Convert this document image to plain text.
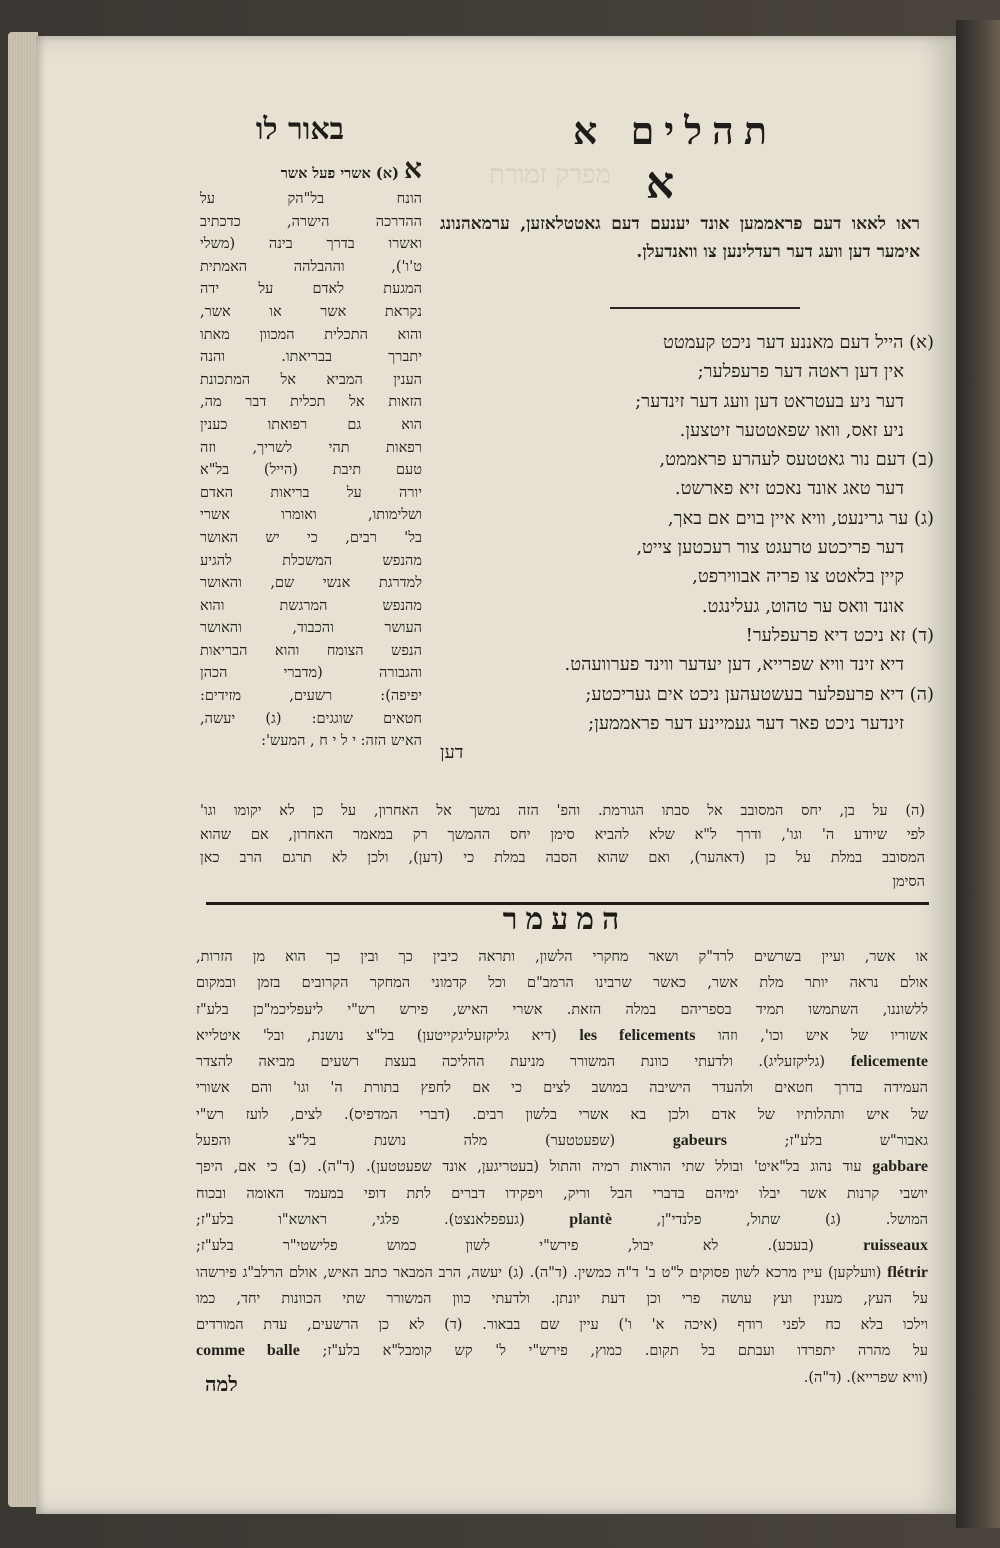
באור לו	תהלים א
מפרק זמורת א
ראו לאאו דעם פראממען אונד יענעם דעם גאטטלאזען, ערמאהנונג אימער דען וועג דער רעדלינען צו וואנדעלן.
(א) הייל דעם מאננע דער ניכט קעמטט
אין דען ראטה דער פרעפלער;
דער ניע בעטראט דען וועג דער זינדער;
ניע זאס, וואו שפאטטער זיטצען.
(ב) דעם נור גאטטעס לעהרע פראממט,
דער טאג אונד נאכט זיא פארשט.
(ג) ער גרינעט, וויא איין בוים אם באך,
דער פריכטע טרעגט צור רעכטען צייט,
קיין בלאטט צו פריה אבווירפט,
אונד וואס ער טהוט, געלינגט.
(ד) זא ניכט דיא פרעפלער!
דיא זינד וויא שפרייא, דען יעדער ווינד פערוועהט.
(ה) דיא פרעפלער בעשטעהען ניכט אים געריכטע;
זינדער ניכט פאר דער געמיינע דער פראממען;
דען
א (א) אשרי פעל אשר
הונח בל"הק על
ההדרכה הישרה, כדכתיב
ואשרו בדרך בינה (משלי
ט'ו'), וההבלהה האמתית
המגעת לאדם על ידה
נקראת אשר או אשר,
והוא התכלית המכוון מאתו
יתברך בבריאתו. והנה
הענין המביא אל המתכונת
הזאות אל תכלית דבר מה,
הוא גם רפואתו כענין
רפאות תהי לשריך, וזה
טעם תיבת (הייל) בל"א
יורה על בריאות האדם
ושלימותו, ואומרו אשרי
בל' רבים, כי יש האושר
מהנפש המשכלת להגיע
למדרגת אנשי שם, והאושר
מהנפש המרגשת והוא
העושר והכבוד, והאושר
הנפש הצומח והוא הבריאות
והגבורה (מדברי הכהן
יפיפה): רשעים, מזידים:
חטאים שוגגים: (ג) יעשה,
האיש הזה: י ל י ח , המעש':
(ה) על בן, יחס המסובב אל סבתו הגורמת. והפ' הזה נמשך אל האחרון, על כן לא יקומו וגו'
לפי שיודע ה' וגו', ודרך ל"א שלא להביא סימן יחס ההמשך רק במאמר האחרון, אם שהוא
המסובב במלת על כן (דאהער), ואם שהוא הסבה במלת כי (דען), ולכן לא תרגם הרב כאן
הסימן
המעמר
או אשר, ועיין בשרשים לרד"ק ושאר מחקרי הלשון, ותראה כיבין כך ובין כך הוא מן הזרות,
אולם נראה יותר מלת אשר, כאשר שרבינו הרמב"ם וכל קדמוני המחקר הקרובים בזמן ובמקום
ללשוננו, השתמשו תמיד בספריהם במלה הזאת. אשרי האיש, פירש רש"י ליעפליכמ"כן בלע"ז
אשוריו של איש וכו', וזהו les felicements (דיא גליקזעליגקייטען) בל"צ נושנת, ובל' איטלייא
felicemente (גליקזעליג). ולדעתי כוונת המשורר מניעת ההליכה בעצת רשעים מביאה להצדר
העמידה בדרך חטאים ולהעדר הישיבה במושב לצים כי אם לחפץ בתורת ה' וגו' והם אשורי
של איש ותהלותיו של אדם ולכן בא אשרי בלשון רבים. (דברי המדפיס). לצים, לועז רש"י
גאבור"ש בלע"ז; gabeurs (שפעטטער) מלה נושנת בל"צ והפעל
gabbare עוד נהוג בל"איט' ובולל שתי הוראות רמיה והתול (בעטריגען, אונד שפעטטען). (ד"ה). (ב) כי אם, היפך
יושבי קרנות אשר יבלו ימיהם בדברי הבל וריק, ויפקידו דברים לתת דופי במעמד האומה ובכוח
המושל. (ג) שתול, פלנדי"ן, plantè (געפפלאנצט). פלגי, ראושא"ו בלע"ז;
ruisseaux (בעכע). לא יבול, פירש"י לשון כמוש פלישטי"ר בלע"ז;
flétrir (וועלקען) עיין מרכא לשון פסוקים ל"ט ב' ד"ה כמשין. (ד"ה). (ג) יעשה, הרב המבאר כתב האיש, אולם הרלב"ג פירשהו
על העץ, מענין ועץ עושה פרי וכן דעת יונתן. ולדעתי כוון המשורר שתי הכוונות יחד, כמו
וילכו בלא כח לפני רודף (איכה א' ו') עיין שם בבאור. (ד) לא כן הרשעים, עדת המורדים
על מהרה יתפרדו ועבתם בל תקום. כמוץ, פירש"י ל' קש קומבל"א בלע"ז; comme balle
(וויא שפרייא). (ד"ה).
למה
